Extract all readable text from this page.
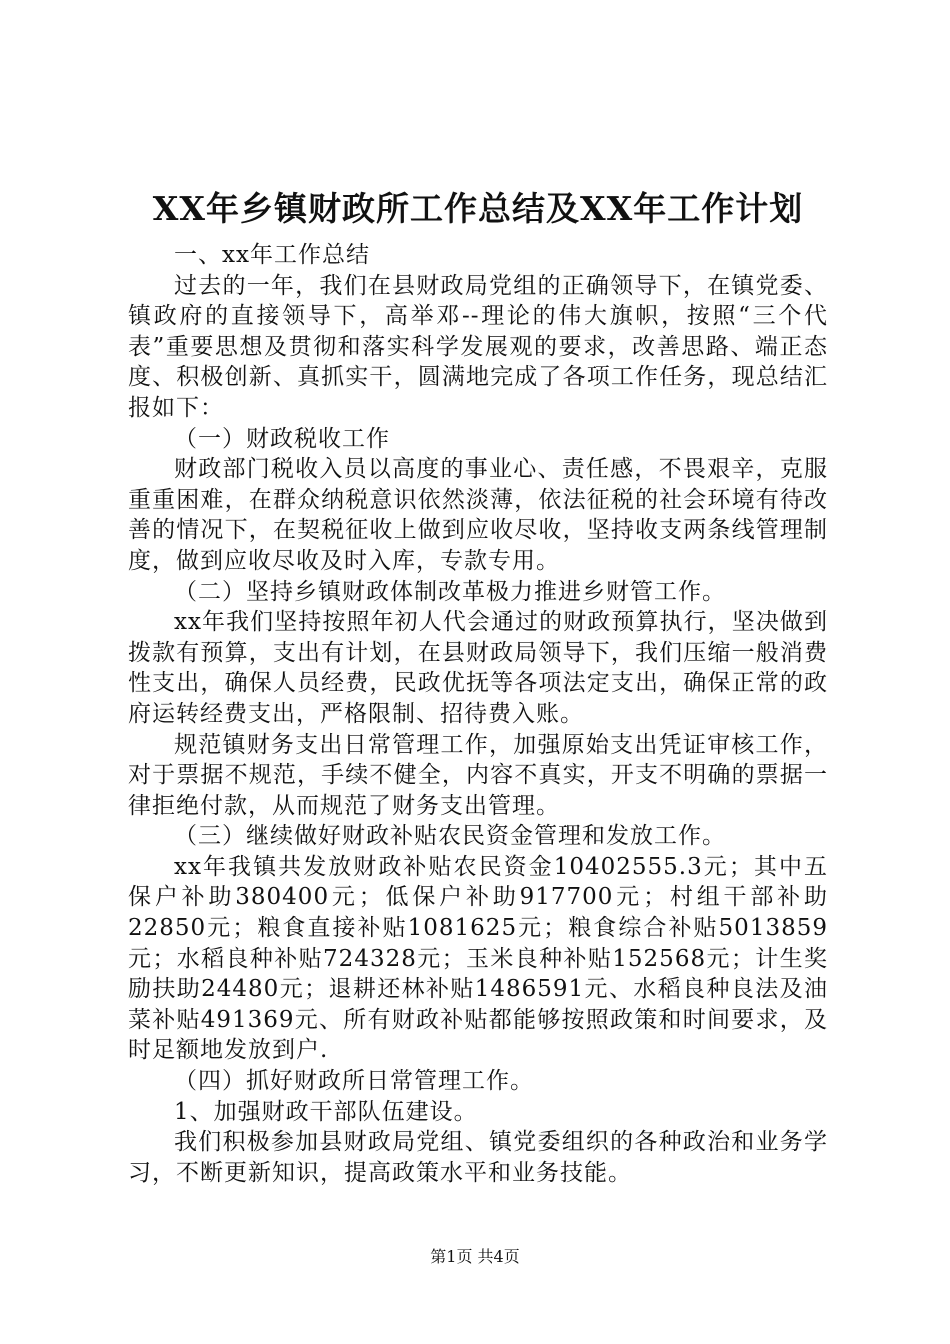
XX年乡镇财政所工作总结及XX年工作计划

一、xx年工作总结

过去的一年，我们在县财政局党组的正确领导下，在镇党委、镇政府的直接领导下，高举邓--理论的伟大旗帜，按照“三个代表”重要思想及贯彻和落实科学发展观的要求，改善思路、端正态度、积极创新、真抓实干，圆满地完成了各项工作任务，现总结汇报如下：

（一）财政税收工作

财政部门税收入员以高度的事业心、责任感，不畏艰辛，克服重重困难，在群众纳税意识依然淡薄，依法征税的社会环境有待改善的情况下，在契税征收上做到应收尽收，坚持收支两条线管理制度，做到应收尽收及时入库，专款专用。

（二）坚持乡镇财政体制改革极力推进乡财管工作。

xx年我们坚持按照年初人代会通过的财政预算执行，坚决做到拨款有预算，支出有计划，在县财政局领导下，我们压缩一般消费性支出，确保人员经费，民政优抚等各项法定支出，确保正常的政府运转经费支出，严格限制、招待费入账。

规范镇财务支出日常管理工作，加强原始支出凭证审核工作，对于票据不规范，手续不健全，内容不真实，开支不明确的票据一律拒绝付款，从而规范了财务支出管理。

（三）继续做好财政补贴农民资金管理和发放工作。

xx年我镇共发放财政补贴农民资金10402555.3元；其中五保户补助380400元；低保户补助917700元；村组干部补助22850元；粮食直接补贴1081625元；粮食综合补贴5013859元；水稻良种补贴724328元；玉米良种补贴152568元；计生奖励扶助24480元；退耕还林补贴1486591元、水稻良种良法及油菜补贴491369元、所有财政补贴都能够按照政策和时间要求，及时足额地发放到户.

（四）抓好财政所日常管理工作。

1、加强财政干部队伍建设。

我们积极参加县财政局党组、镇党委组织的各种政治和业务学习，不断更新知识，提高政策水平和业务技能。

第1页 共4页
